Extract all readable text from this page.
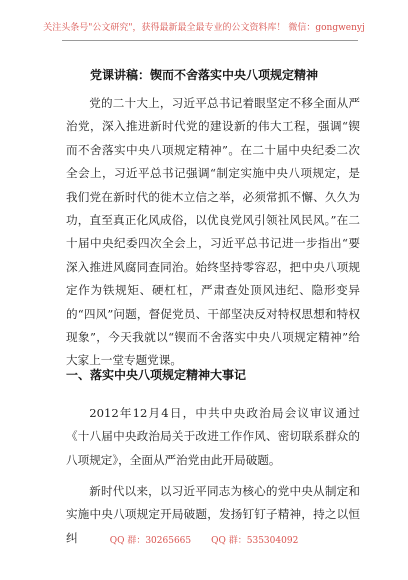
关注头条号"公文研究"，获得最新最全最专业的公文资料库！ 微信：gongwenyj
党课讲稿：锲而不舍落实中央八项规定精神

党的二十大上，习近平总书记着眼坚定不移全面从严治党，深入推进新时代党的建设新的伟大工程，强调“锲而不舍落实中央八项规定精神”。在二十届中央纪委二次全会上，习近平总书记强调“制定实施中央八项规定，是我们党在新时代的徙木立信之举，必须常抓不懈、久久为功，直至真正化风成俗，以优良党风引领社风民风。”在二十届中央纪委四次全会上，习近平总书记进一步指出“要深入推进风腐同查同治。始终坚持零容忍，把中央八项规定作为铁规矩、硬杠杠，严肃查处顶风违纪、隐形变异的“四风”问题，督促党员、干部坚决反对特权思想和特权现象”，今天我就以“锲而不舍落实中央八项规定精神”给大家上一堂专题党课。

一、落实中央八项规定精神大事记

2012年12月4日，中共中央政治局会议审议通过《十八届中央政治局关于改进工作作风、密切联系群众的八项规定》，全面从严治党由此开局破题。

新时代以来，以习近平同志为核心的党中央从制定和实施中央八项规定开局破题，发扬钉钉子精神，持之以恒纠	QQ 群：30265665 QQ 群：535304092
